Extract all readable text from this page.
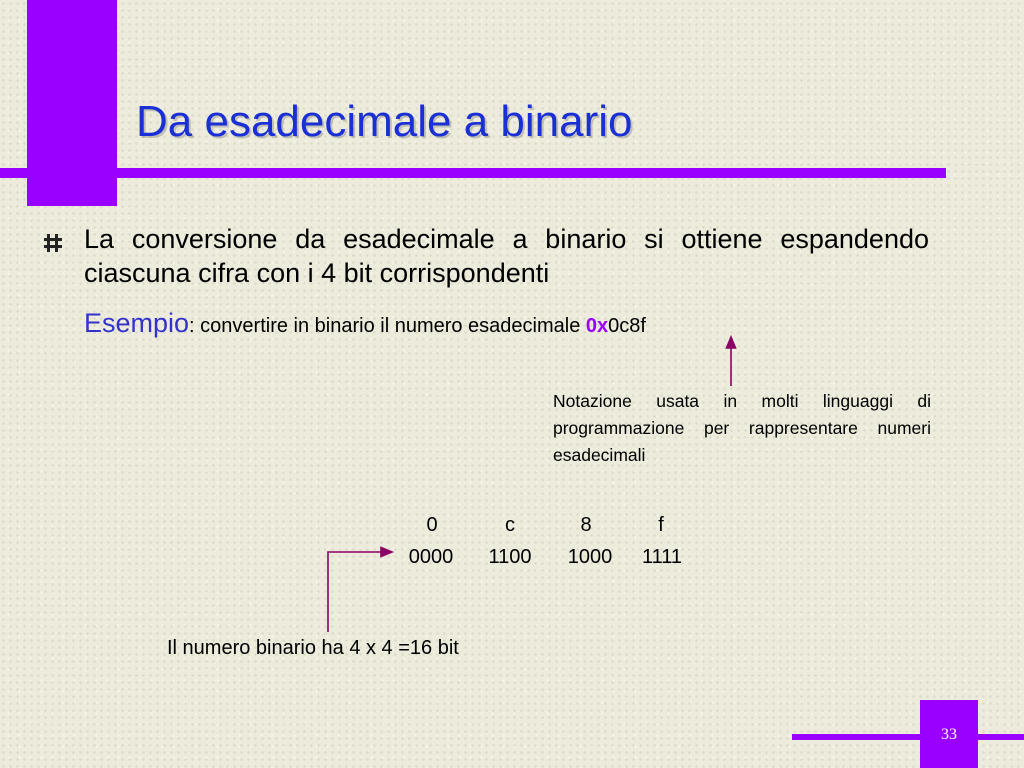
Da esadecimale a binario
La conversione da esadecimale a binario si ottiene espandendo ciascuna cifra con i 4 bit corrispondenti
Esempio: convertire in binario il numero esadecimale 0x0c8f
Notazione usata in molti linguaggi di programmazione per rappresentare numeri esadecimali
0	c	8	f
0000	1100	1000	1111
Il numero binario ha 4 x 4 =16 bit
33
